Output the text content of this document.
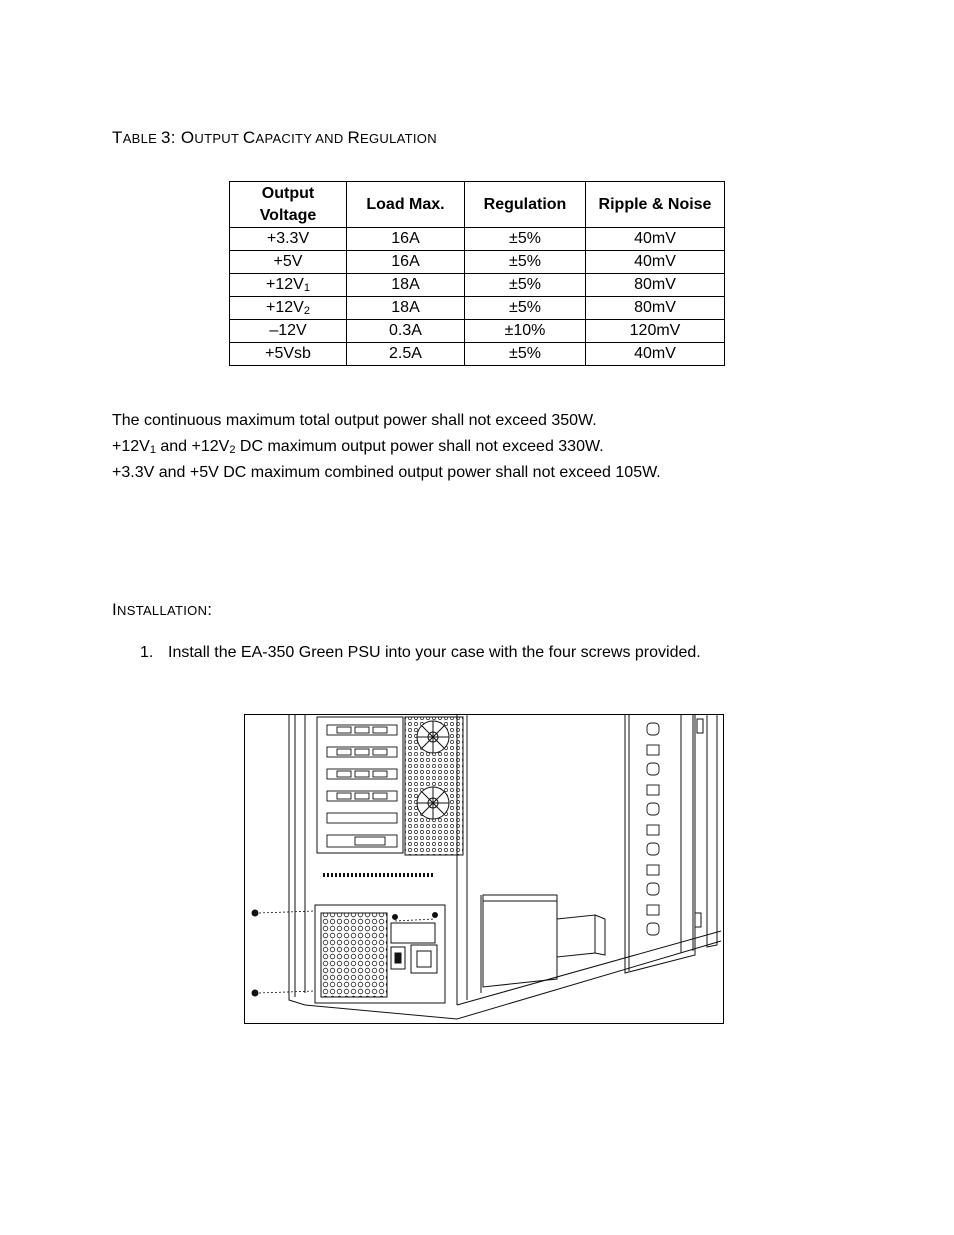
TABLE 3: OUTPUT CAPACITY AND REGULATION
Output
Voltage	Load Max.	Regulation	Ripple & Noise
+3.3V	16A	±5%	40mV
+5V	16A	±5%	40mV
$+12V_1$	18A	±5%	80mV
$+12V_2$	18A	±5%	80mV
–12V	0.3A	±10%	120mV
+5Vsb	2.5A	±5%	40mV
The continuous maximum total output power shall not exceed 350W.
$+12V_1$ and $+12V_2$ DC maximum output power shall not exceed 330W.
+3.3V and +5V DC maximum combined output power shall not exceed 105W.
INSTALLATION:
1. Install the EA-350 Green PSU into your case with the four screws provided.
